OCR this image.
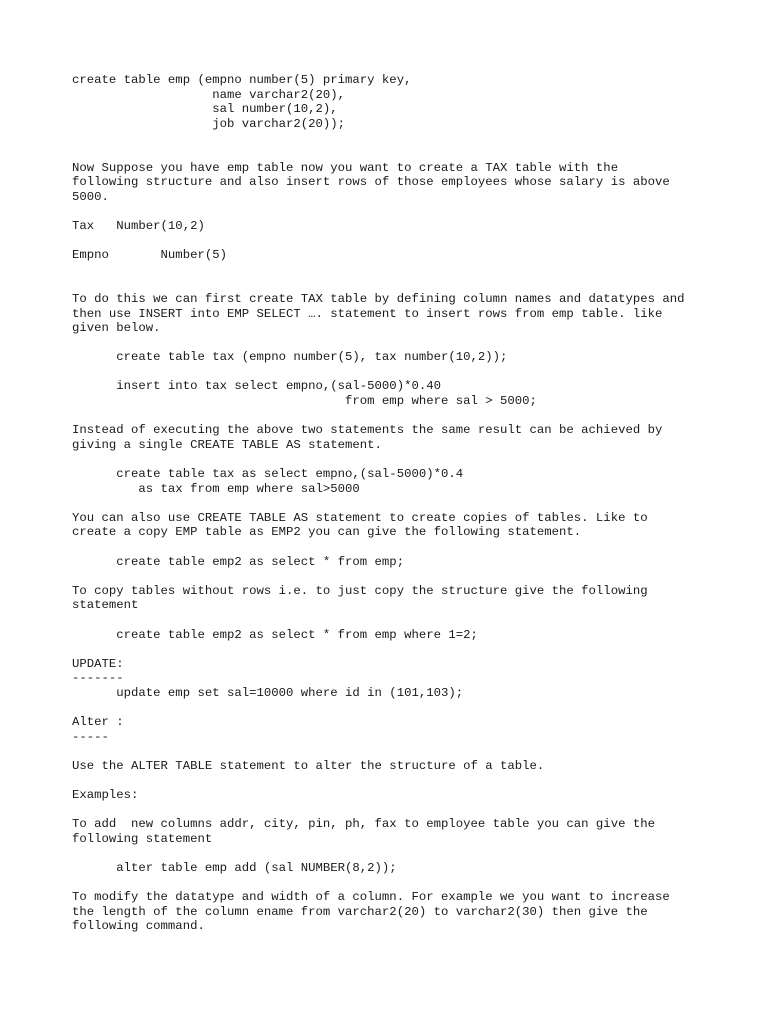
create table emp (empno number(5) primary key,
name varchar2(20),
sal number(10,2),
job varchar2(20));
Now Suppose you have emp table now you want to create a TAX table with the
following structure and also insert rows of those employees whose salary is above
5000.
Tax   Number(10,2)
Empno       Number(5)
To do this we can first create TAX table by defining column names and datatypes and
then use INSERT into EMP SELECT …. statement to insert rows from emp table. like
given below.
create table tax (empno number(5), tax number(10,2));
insert into tax select empno,(sal-5000)*0.40
from emp where sal > 5000;
Instead of executing the above two statements the same result can be achieved by
giving a single CREATE TABLE AS statement.
create table tax as select empno,(sal-5000)*0.4
as tax from emp where sal>5000
You can also use CREATE TABLE AS statement to create copies of tables. Like to
create a copy EMP table as EMP2 you can give the following statement.
create table emp2 as select * from emp;
To copy tables without rows i.e. to just copy the structure give the following
statement
create table emp2 as select * from emp where 1=2;
UPDATE:
-------
update emp set sal=10000 where id in (101,103);
Alter :
-----
Use the ALTER TABLE statement to alter the structure of a table.
Examples:
To add  new columns addr, city, pin, ph, fax to employee table you can give the
following statement
alter table emp add (sal NUMBER(8,2));
To modify the datatype and width of a column. For example we you want to increase
the length of the column ename from varchar2(20) to varchar2(30) then give the
following command.
